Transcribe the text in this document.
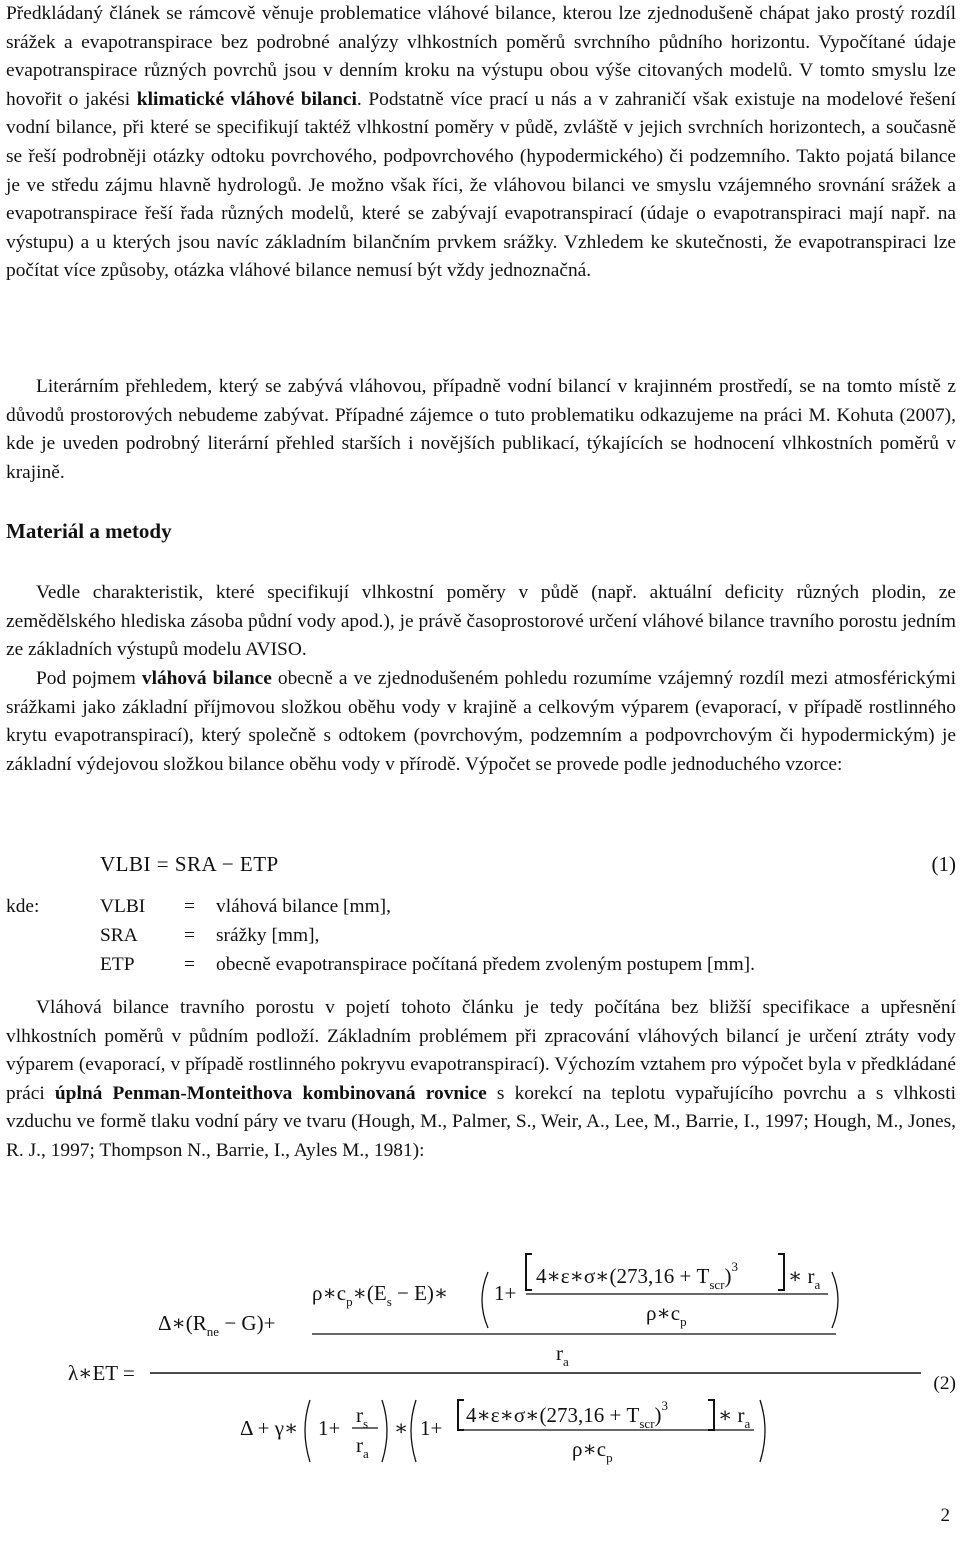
Předkládaný článek se rámcově věnuje problematice vláhové bilance, kterou lze zjednodušeně chápat jako prostý rozdíl srážek a evapotranspirace bez podrobné analýzy vlhkostních poměrů svrchního půdního horizontu. Vypočítané údaje evapotranspirace různých povrchů jsou v denním kroku na výstupu obou výše citovaných modelů. V tomto smyslu lze hovořit o jakési klimatické vláhové bilanci. Podstatně více prací u nás a v zahraničí však existuje na modelové řešení vodní bilance, při které se specifikují taktéž vlhkostní poměry v půdě, zvláště v jejich svrchních horizontech, a současně se řeší podrobněji otázky odtoku povrchového, podpovrchového (hypodermického) či podzemního. Takto pojatá bilance je ve středu zájmu hlavně hydrologů. Je možno však říci, že vláhovou bilanci ve smyslu vzájemného srovnání srážek a evapotranspirace řeší řada různých modelů, které se zabývají evapotranspirací (údaje o evapotranspiraci mají např. na výstupu) a u kterých jsou navíc základním bilančním prvkem srážky. Vzhledem ke skutečnosti, že evapotranspiraci lze počítat více způsoby, otázka vláhové bilance nemusí být vždy jednoznačná.

Literárním přehledem, který se zabývá vláhovou, případně vodní bilancí v krajinném prostředí, se na tomto místě z důvodů prostorových nebudeme zabývat. Případné zájemce o tuto problematiku odkazujeme na práci M. Kohuta (2007), kde je uveden podrobný literární přehled starších i novějších publikací, týkajících se hodnocení vlhkostních poměrů v krajině.

Materiál a metody

Vedle charakteristik, které specifikují vlhkostní poměry v půdě (např. aktuální deficity různých plodin, ze zemědělského hlediska zásoba půdní vody apod.), je právě časoprostorové určení vláhové bilance travního porostu jedním ze základních výstupů modelu AVISO.

Pod pojmem vláhová bilance obecně a ve zjednodušeném pohledu rozumíme vzájemný rozdíl mezi atmosférickými srážkami jako základní příjmovou složkou oběhu vody v krajině a celkovým výparem (evaporací, v případě rostlinného krytu evapotranspirací), který společně s odtokem (povrchovým, podzemním a podpovrchovým či hypodermickým) je základní výdejovou složkou bilance oběhu vody v přírodě. Výpočet se provede podle jednoduchého vzorce:

VLBI = SRA − ETP	(1)
kde:	VLBI = vláhová bilance [mm],
SRA = srážky [mm],
ETP	= obecně evapotranspirace počítaná předem zvoleným postupem [mm].

Vláhová bilance travního porostu v pojetí tohoto článku je tedy počítána bez bližší specifikace a upřesnění vlhkostních poměrů v půdním podloží. Základním problémem při zpracování vláhových bilancí je určení ztráty vody výparem (evaporací, v případě rostlinného pokryvu evapotranspirací). Výchozím vztahem pro výpočet byla v předkládané práci úplná Penman-Monteithova kombinovaná rovnice s korekcí na teplotu vypařujícího povrchu a s vlhkosti vzduchu ve formě tlaku vodní páry ve tvaru (Hough, M., Palmer, S., Weir, A., Lee, M., Barrie, I., 1997; Hough, M., Jones, R. J., 1997; Thompson N., Barrie, I., Ayles M., 1981):

λ∗ET =
$\Delta∗(R_{ne} - G)+$
$\rho∗c_p∗(E_s$ − E)∗ 1+
4∗ε∗σ∗(273,16 + $T_{scr})^3$ ∗ $r_a$
$\rho∗c_p$
$r_a$
Δ + γ∗ 1+
$r_s$
$r_a$
∗ 1+
4∗ε∗σ∗(273,16 + $T_{scr})^3$ ∗ $r_a$
$\rho∗c_p$
(2)
2
